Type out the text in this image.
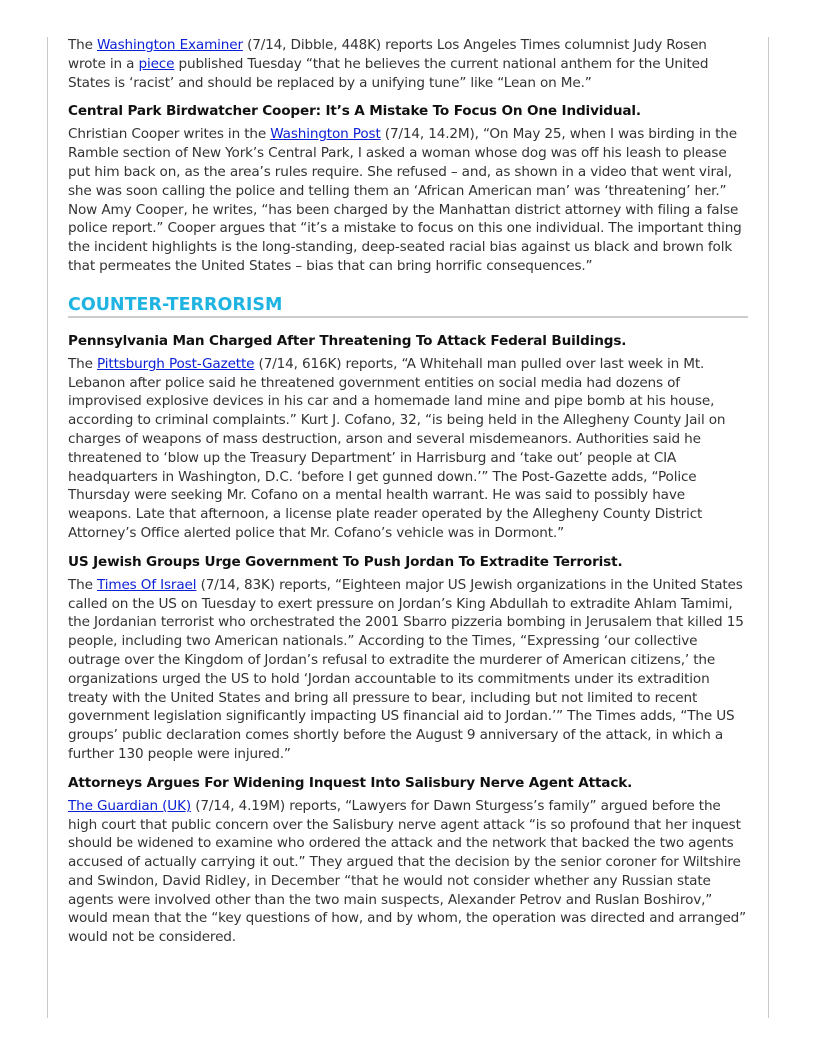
The Washington Examiner (7/14, Dibble, 448K) reports Los Angeles Times columnist Judy Rosen wrote in a piece published Tuesday “that he believes the current national anthem for the United States is ‘racist’ and should be replaced by a unifying tune” like “Lean on Me.”

Central Park Birdwatcher Cooper: It’s A Mistake To Focus On One Individual.

Christian Cooper writes in the Washington Post (7/14, 14.2M), “On May 25, when I was birding in the Ramble section of New York’s Central Park, I asked a woman whose dog was off his leash to please put him back on, as the area’s rules require. She refused – and, as shown in a video that went viral, she was soon calling the police and telling them an ‘African American man’ was ‘threatening’ her.” Now Amy Cooper, he writes, “has been charged by the Manhattan district attorney with filing a false police report.” Cooper argues that “it’s a mistake to focus on this one individual. The important thing the incident highlights is the long-standing, deep-seated racial bias against us black and brown folk that permeates the United States – bias that can bring horrific consequences.”

COUNTER-TERRORISM
Pennsylvania Man Charged After Threatening To Attack Federal Buildings.

The Pittsburgh Post-Gazette (7/14, 616K) reports, “A Whitehall man pulled over last week in Mt. Lebanon after police said he threatened government entities on social media had dozens of improvised explosive devices in his car and a homemade land mine and pipe bomb at his house, according to criminal complaints.” Kurt J. Cofano, 32, “is being held in the Allegheny County Jail on charges of weapons of mass destruction, arson and several misdemeanors. Authorities said he threatened to ‘blow up the Treasury Department’ in Harrisburg and ‘take out’ people at CIA headquarters in Washington, D.C. ‘before I get gunned down.’” The Post-Gazette adds, “Police Thursday were seeking Mr. Cofano on a mental health warrant. He was said to possibly have weapons. Late that afternoon, a license plate reader operated by the Allegheny County District Attorney’s Office alerted police that Mr. Cofano’s vehicle was in Dormont.”

US Jewish Groups Urge Government To Push Jordan To Extradite Terrorist.

The Times Of Israel (7/14, 83K) reports, “Eighteen major US Jewish organizations in the United States called on the US on Tuesday to exert pressure on Jordan’s King Abdullah to extradite Ahlam Tamimi, the Jordanian terrorist who orchestrated the 2001 Sbarro pizzeria bombing in Jerusalem that killed 15 people, including two American nationals.” According to the Times, “Expressing ‘our collective outrage over the Kingdom of Jordan’s refusal to extradite the murderer of American citizens,’ the organizations urged the US to hold ‘Jordan accountable to its commitments under its extradition treaty with the United States and bring all pressure to bear, including but not limited to recent government legislation significantly impacting US financial aid to Jordan.’” The Times adds, “The US groups’ public declaration comes shortly before the August 9 anniversary of the attack, in which a further 130 people were injured.”

Attorneys Argues For Widening Inquest Into Salisbury Nerve Agent Attack.

The Guardian (UK) (7/14, 4.19M) reports, “Lawyers for Dawn Sturgess’s family” argued before the high court that public concern over the Salisbury nerve agent attack “is so profound that her inquest should be widened to examine who ordered the attack and the network that backed the two agents accused of actually carrying it out.” They argued that the decision by the senior coroner for Wiltshire and Swindon, David Ridley, in December “that he would not consider whether any Russian state agents were involved other than the two main suspects, Alexander Petrov and Ruslan Boshirov,” would mean that the “key questions of how, and by whom, the operation was directed and arranged” would not be considered.
